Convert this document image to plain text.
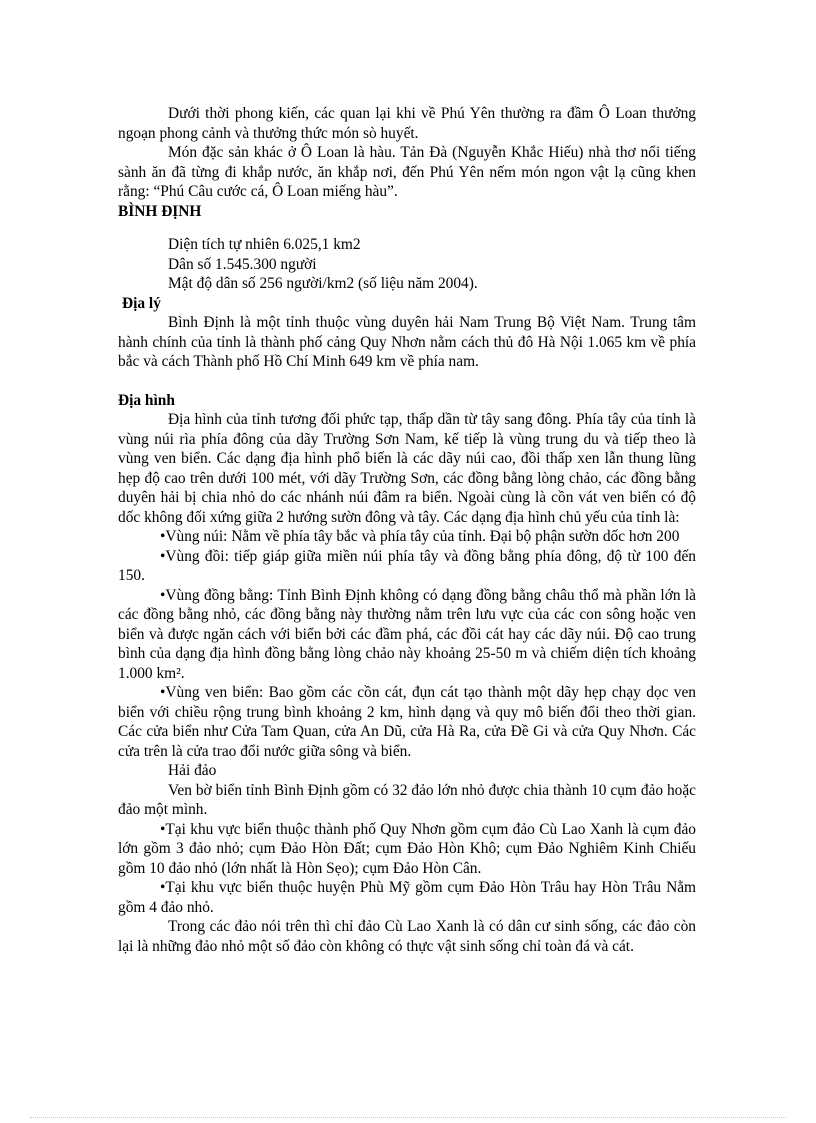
Dưới thời phong kiến, các quan lại khi về Phú Yên thường ra đầm Ô Loan thưởng ngoạn phong cảnh và thưởng thức món sò huyết.

Món đặc sản khác ở Ô Loan là hàu. Tản Đà (Nguyễn Khắc Hiếu) nhà thơ nổi tiếng sành ăn đã từng đi khắp nước, ăn khắp nơi, đến Phú Yên nếm món ngon vật lạ cũng khen rằng: “Phú Câu cước cá, Ô Loan miếng hàu”.

BÌNH ĐỊNH

Diện tích tự nhiên 6.025,1 km2
Dân số 1.545.300 người
Mật độ dân số 256 người/km2 (số liệu năm 2004).

Địa lý

Bình Định là một tỉnh thuộc vùng duyên hải Nam Trung Bộ Việt Nam. Trung tâm hành chính của tỉnh là thành phố cảng Quy Nhơn nằm cách thủ đô Hà Nội 1.065 km về phía bắc và cách Thành phố Hồ Chí Minh 649 km về phía nam.

Địa hình

Địa hình của tỉnh tương đối phức tạp, thấp dần từ tây sang đông. Phía tây của tỉnh là vùng núi rìa phía đông của dãy Trường Sơn Nam, kế tiếp là vùng trung du và tiếp theo là vùng ven biển. Các dạng địa hình phổ biến là các dãy núi cao, đồi thấp xen lẫn thung lũng hẹp độ cao trên dưới 100 mét, với dãy Trường Sơn, các đồng bằng lòng chảo, các đồng bằng duyên hải bị chia nhỏ do các nhánh núi đâm ra biển. Ngoài cùng là cồn vát ven biển có độ dốc không đối xứng giữa 2 hướng sườn đông và tây. Các dạng địa hình chủ yếu của tỉnh là:

•Vùng núi: Nằm về phía tây bắc và phía tây của tỉnh. Đại bộ phận sườn dốc hơn 200

•Vùng đồi: tiếp giáp giữa miền núi phía tây và đồng bằng phía đông, độ từ 100 đến 150.

•Vùng đồng bằng: Tỉnh Bình Định không có dạng đồng bằng châu thổ mà phần lớn là các đồng bằng nhỏ, các đồng bằng này thường nằm trên lưu vực của các con sông hoặc ven biển và được ngăn cách với biển bởi các đầm phá, các đồi cát hay các dãy núi. Độ cao trung bình của dạng địa hình đồng bằng lòng chảo này khoảng 25-50 m và chiếm diện tích khoảng 1.000 km².

•Vùng ven biển: Bao gồm các cồn cát, đụn cát tạo thành một dãy hẹp chạy dọc ven biển với chiều rộng trung bình khoảng 2 km, hình dạng và quy mô biến đổi theo thời gian. Các cửa biển như Cửa Tam Quan, cửa An Dũ, cửa Hà Ra, cửa Đề Gi và cửa Quy Nhơn. Các cửa trên là cửa trao đổi nước giữa sông và biển.

Hải đảo

Ven bờ biển tỉnh Bình Định gồm có 32 đảo lớn nhỏ được chia thành 10 cụm đảo hoặc đảo một mình.

•Tại khu vực biển thuộc thành phố Quy Nhơn gồm cụm đảo Cù Lao Xanh là cụm đảo lớn gồm 3 đảo nhỏ; cụm Đảo Hòn Đất; cụm Đảo Hòn Khô; cụm Đảo Nghiêm Kinh Chiếu gồm 10 đảo nhỏ (lớn nhất là Hòn Sẹo); cụm Đảo Hòn Cân.

•Tại khu vực biển thuộc huyện Phù Mỹ gồm cụm Đảo Hòn Trâu hay Hòn Trâu Nằm gồm 4 đảo nhỏ.

Trong các đảo nói trên thì chỉ đảo Cù Lao Xanh là có dân cư sinh sống, các đảo còn lại là những đảo nhỏ một số đảo còn không có thực vật sinh sống chỉ toàn đá và cát.
